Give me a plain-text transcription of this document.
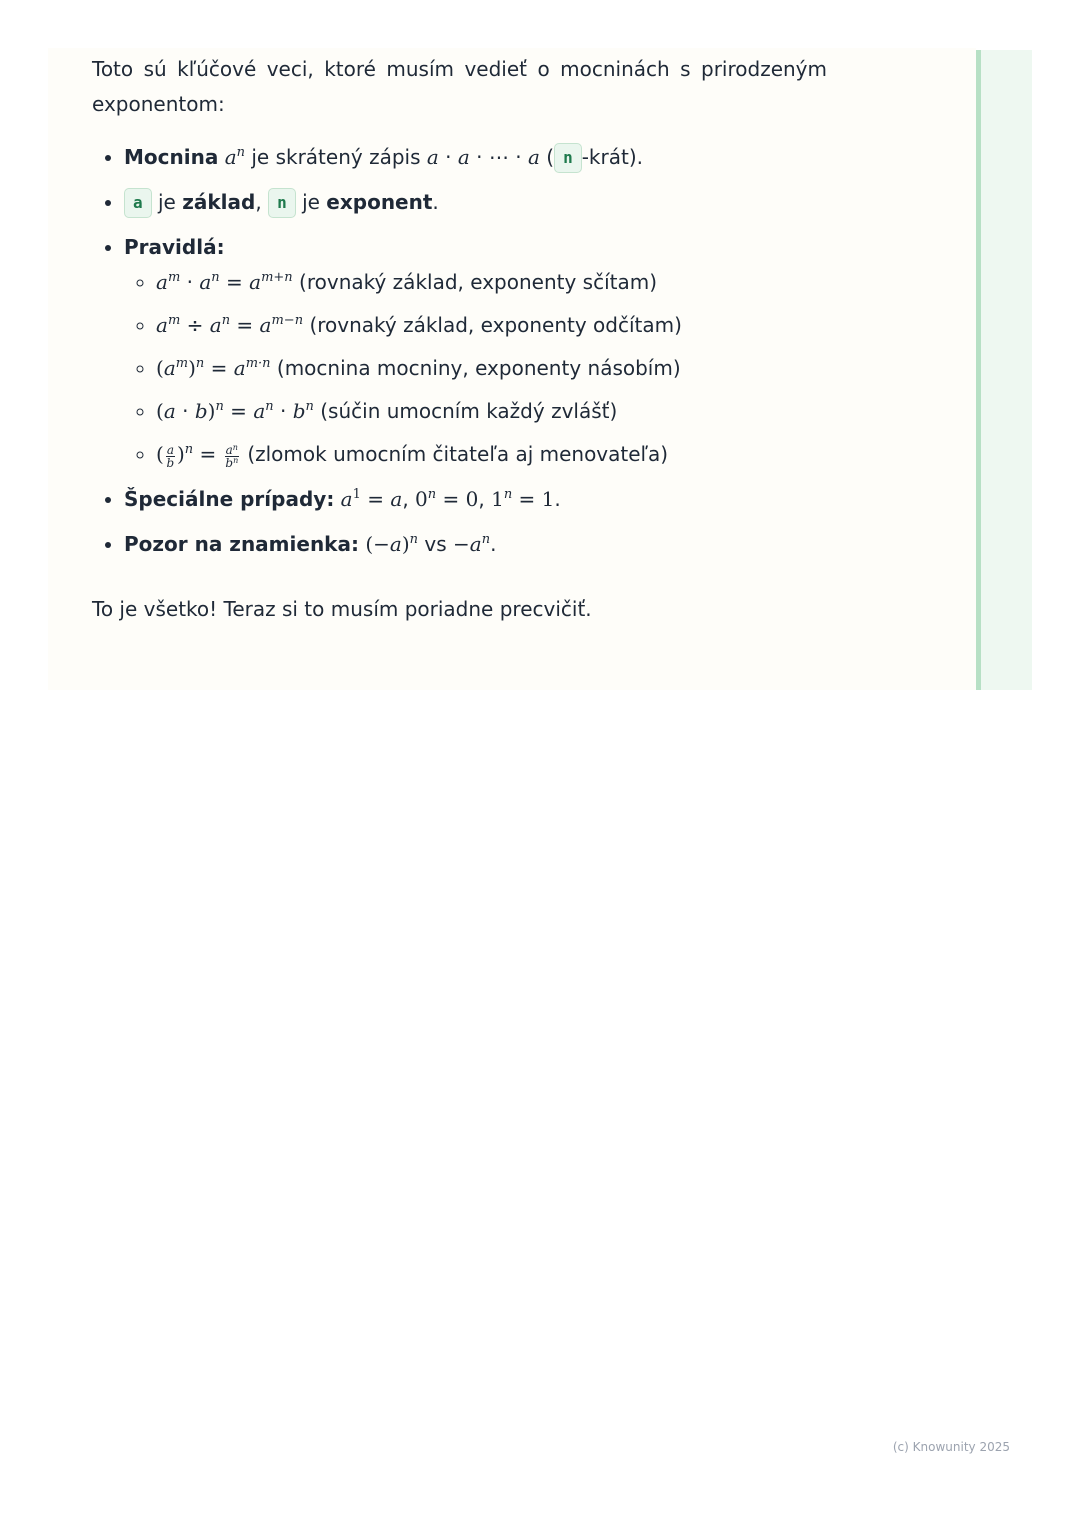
Toto sú kľúčové veci, ktoré musím vedieť o mocninách s prirodzeným exponentom:

• Mocnina $a^n$ je skrátený zápis a · a · ⋯ · a ( n -krát).
• a je základ, n je exponent.
• Pravidlá:
◦ $a^m \cdot a^n = a^{m+n}$ (rovnaký základ, exponenty sčítam)
◦ $a^m \div a^n = a^{m-n}$ (rovnaký základ, exponenty odčítam)
◦ $(a^m)^n = a^{m\cdot n}$ (mocnina mocniny, exponenty násobím)
◦ $(a \cdot b)^n = a^n \cdot b^n$ (súčin umocním každý zvlášť)
◦ ( $\frac{a}{b} )^n = \frac{a^n}{b^n}$ (zlomok umocním čitateľa aj menovateľa)
• Špeciálne prípady: $a^1 = a$, $0^n = 0$, $1^n = 1$.
• Pozor na znamienka: $(-a)^n$ vs $-a^n$.

To je všetko! Teraz si to musím poriadne precvičiť.

(c) Knowunity 2025
